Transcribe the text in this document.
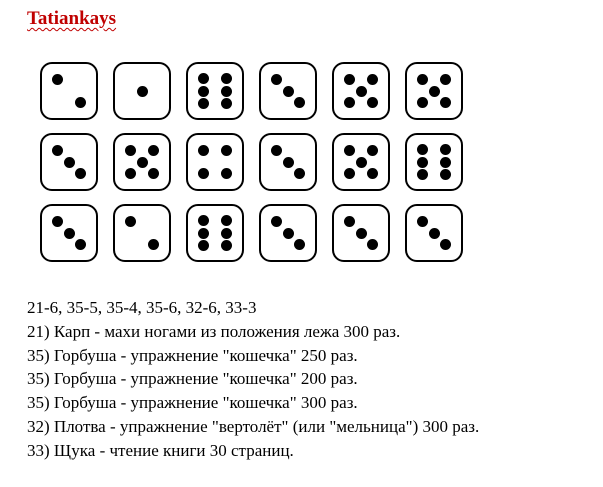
Tatiankays
21-6, 35-5, 35-4, 35-6, 32-6, 33-3
21) Карп - махи ногами из положения лежа 300 раз.
35) Горбуша - упражнение "кошечка" 250 раз.
35) Горбуша - упражнение "кошечка" 200 раз.
35) Горбуша - упражнение "кошечка" 300 раз.
32) Плотва - упражнение "вертолёт" (или "мельница") 300 раз.
33) Щука - чтение книги 30 страниц.
